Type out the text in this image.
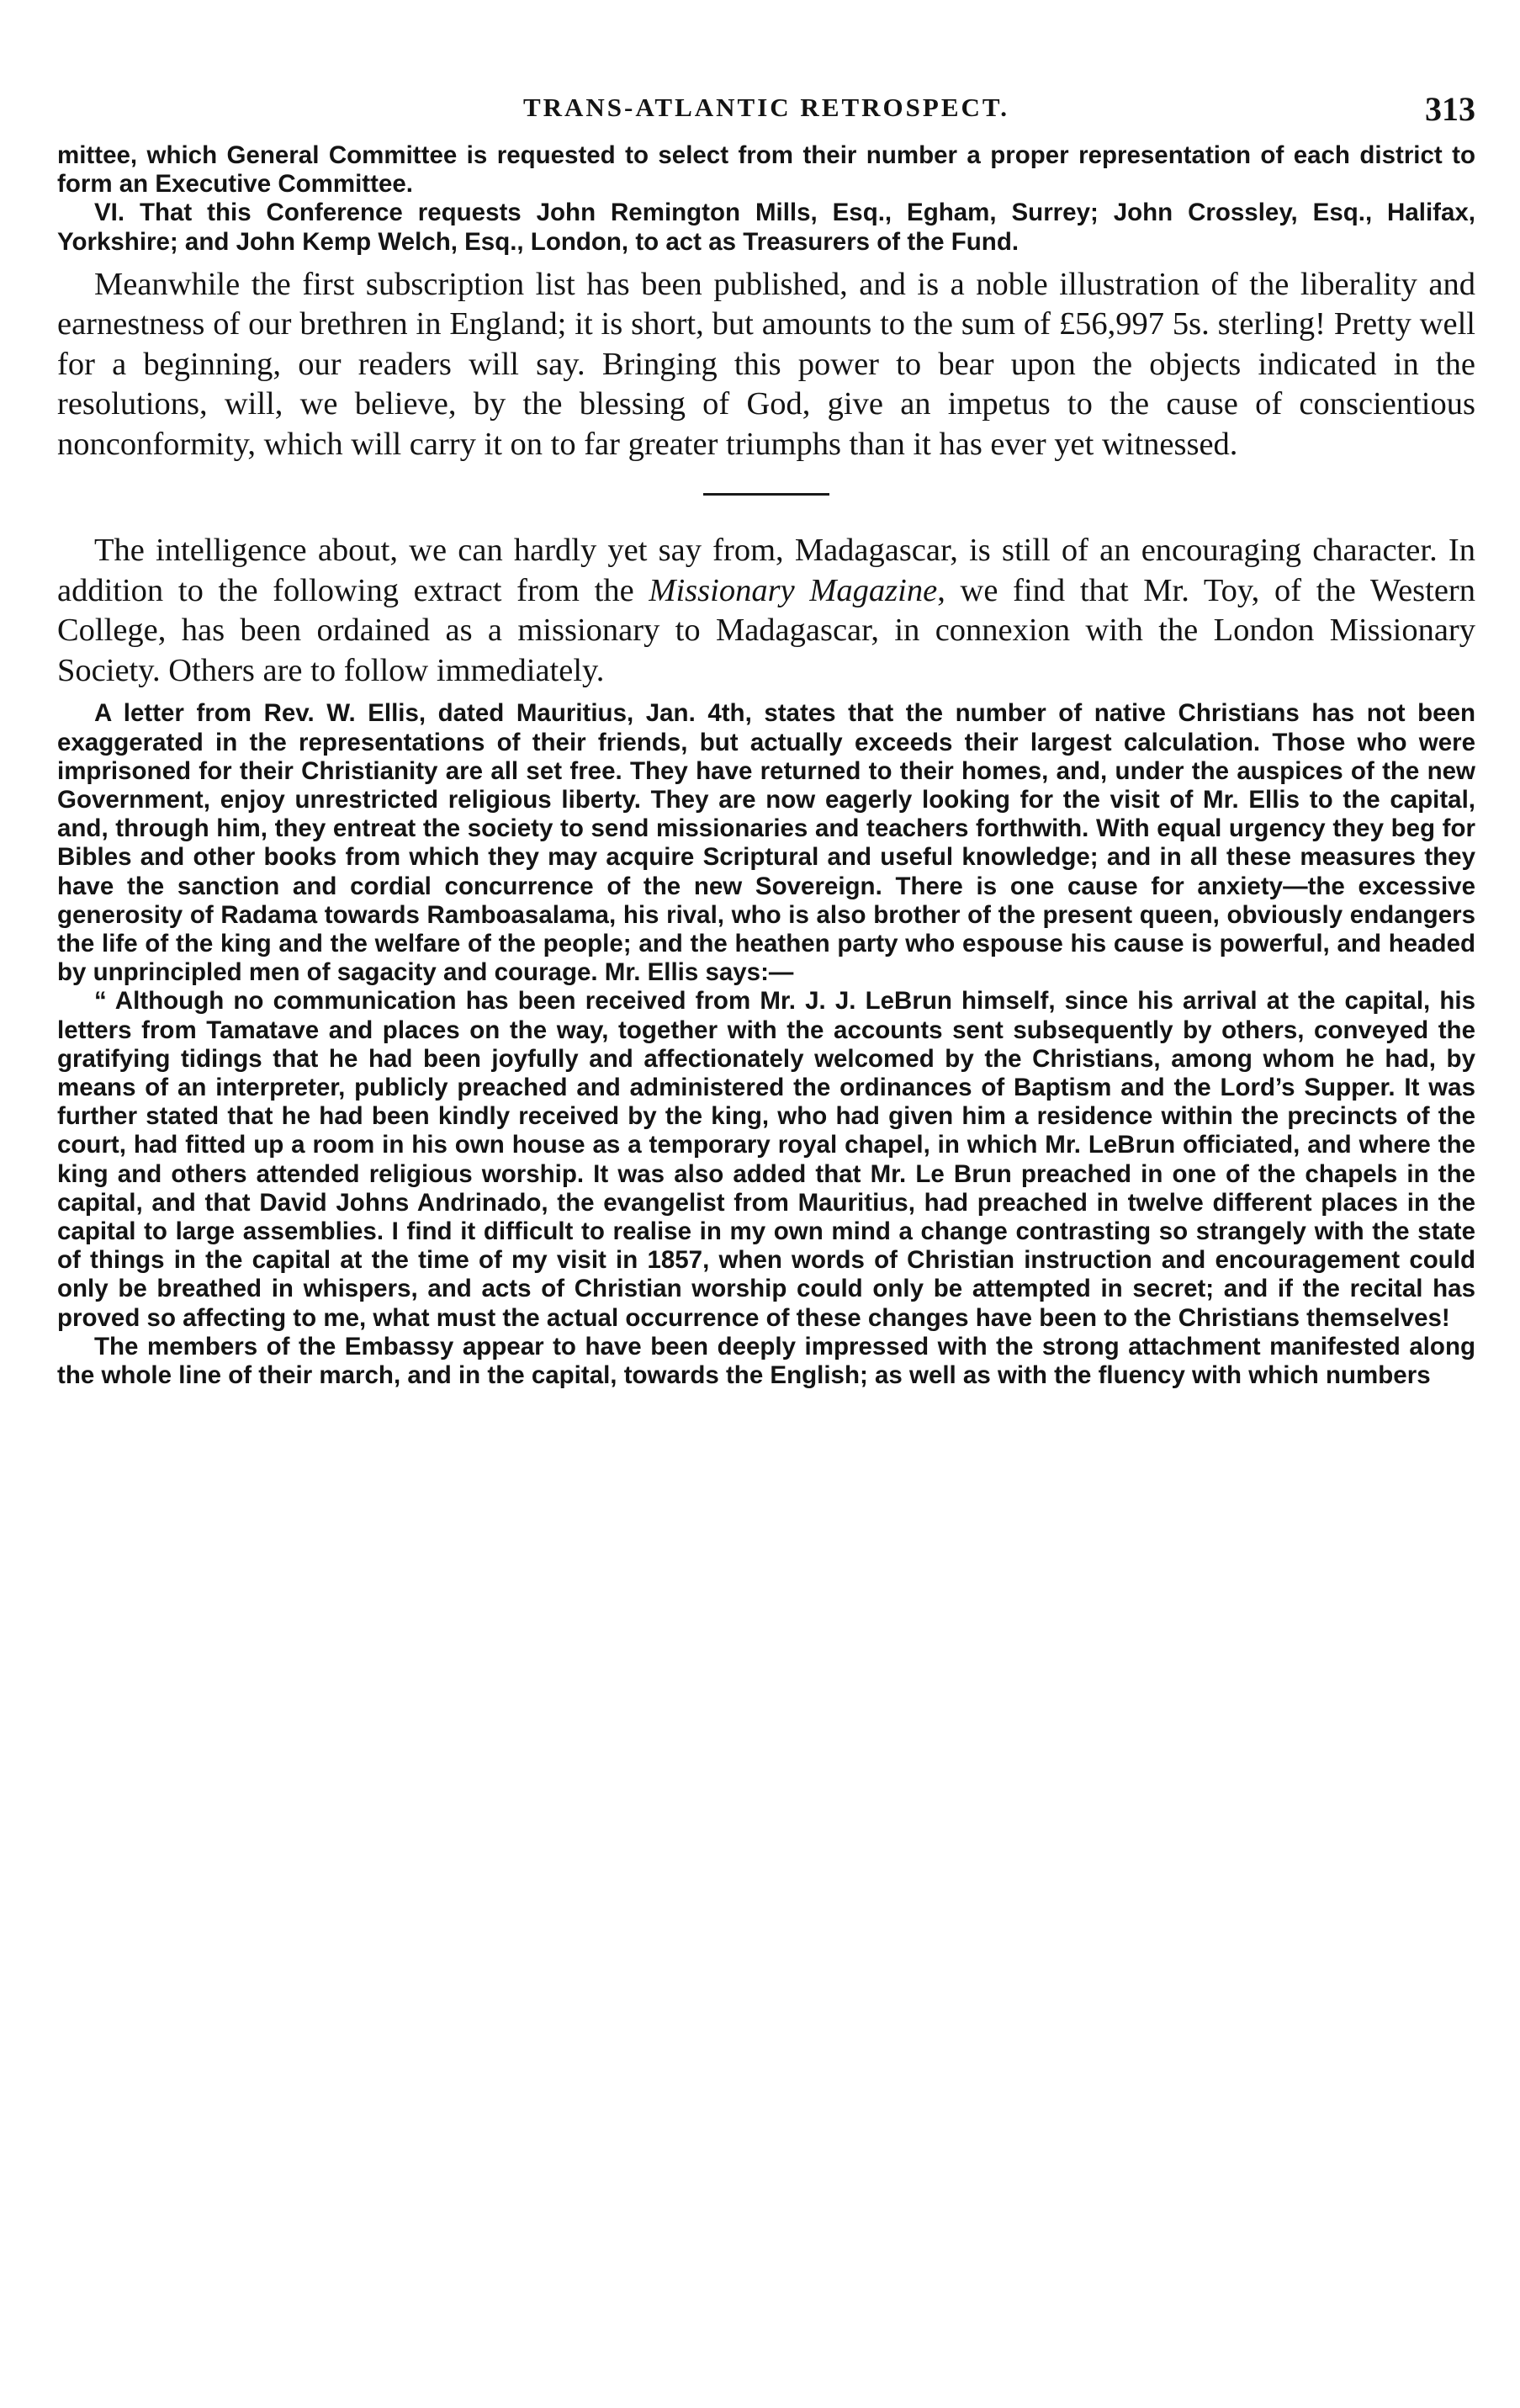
TRANS-ATLANTIC RETROSPECT.	313

mittee, which General Committee is requested to select from their number a proper representation of each district to form an Executive Committee.

VI. That this Conference requests John Remington Mills, Esq., Egham, Surrey; John Crossley, Esq., Halifax, Yorkshire; and John Kemp Welch, Esq., London, to act as Treasurers of the Fund.

Meanwhile the first subscription list has been published, and is a noble illustration of the liberality and earnestness of our brethren in England; it is short, but amounts to the sum of £56,997 5s. sterling! Pretty well for a beginning, our readers will say. Bringing this power to bear upon the objects indicated in the resolutions, will, we believe, by the blessing of God, give an impetus to the cause of conscientious nonconformity, which will carry it on to far greater triumphs than it has ever yet witnessed.

The intelligence about, we can hardly yet say from, Madagascar, is still of an encouraging character. In addition to the following extract from the Missionary Magazine, we find that Mr. Toy, of the Western College, has been ordained as a missionary to Madagascar, in connexion with the London Missionary Society. Others are to follow immediately.

A letter from Rev. W. Ellis, dated Mauritius, Jan. 4th, states that the number of native Christians has not been exaggerated in the representations of their friends, but actually exceeds their largest calculation. Those who were imprisoned for their Christianity are all set free. They have returned to their homes, and, under the auspices of the new Government, enjoy unrestricted religious liberty. They are now eagerly looking for the visit of Mr. Ellis to the capital, and, through him, they entreat the society to send missionaries and teachers forthwith. With equal urgency they beg for Bibles and other books from which they may acquire Scriptural and useful knowledge; and in all these measures they have the sanction and cordial concurrence of the new Sovereign. There is one cause for anxiety—the excessive generosity of Radama towards Ramboasalama, his rival, who is also brother of the present queen, obviously endangers the life of the king and the welfare of the people; and the heathen party who espouse his cause is powerful, and headed by unprincipled men of sagacity and courage. Mr. Ellis says:—

“ Although no communication has been received from Mr. J. J. LeBrun himself, since his arrival at the capital, his letters from Tamatave and places on the way, together with the accounts sent subsequently by others, conveyed the gratifying tidings that he had been joyfully and affectionately welcomed by the Christians, among whom he had, by means of an interpreter, publicly preached and administered the ordinances of Baptism and the Lord’s Supper. It was further stated that he had been kindly received by the king, who had given him a residence within the precincts of the court, had fitted up a room in his own house as a temporary royal chapel, in which Mr. LeBrun officiated, and where the king and others attended religious worship. It was also added that Mr. Le Brun preached in one of the chapels in the capital, and that David Johns Andrinado, the evangelist from Mauritius, had preached in twelve different places in the capital to large assemblies. I find it difficult to realise in my own mind a change contrasting so strangely with the state of things in the capital at the time of my visit in 1857, when words of Christian instruction and encouragement could only be breathed in whispers, and acts of Christian worship could only be attempted in secret; and if the recital has proved so affecting to me, what must the actual occurrence of these changes have been to the Christians themselves!

The members of the Embassy appear to have been deeply impressed with the strong attachment manifested along the whole line of their march, and in the capital, towards the English; as well as with the fluency with which numbers
